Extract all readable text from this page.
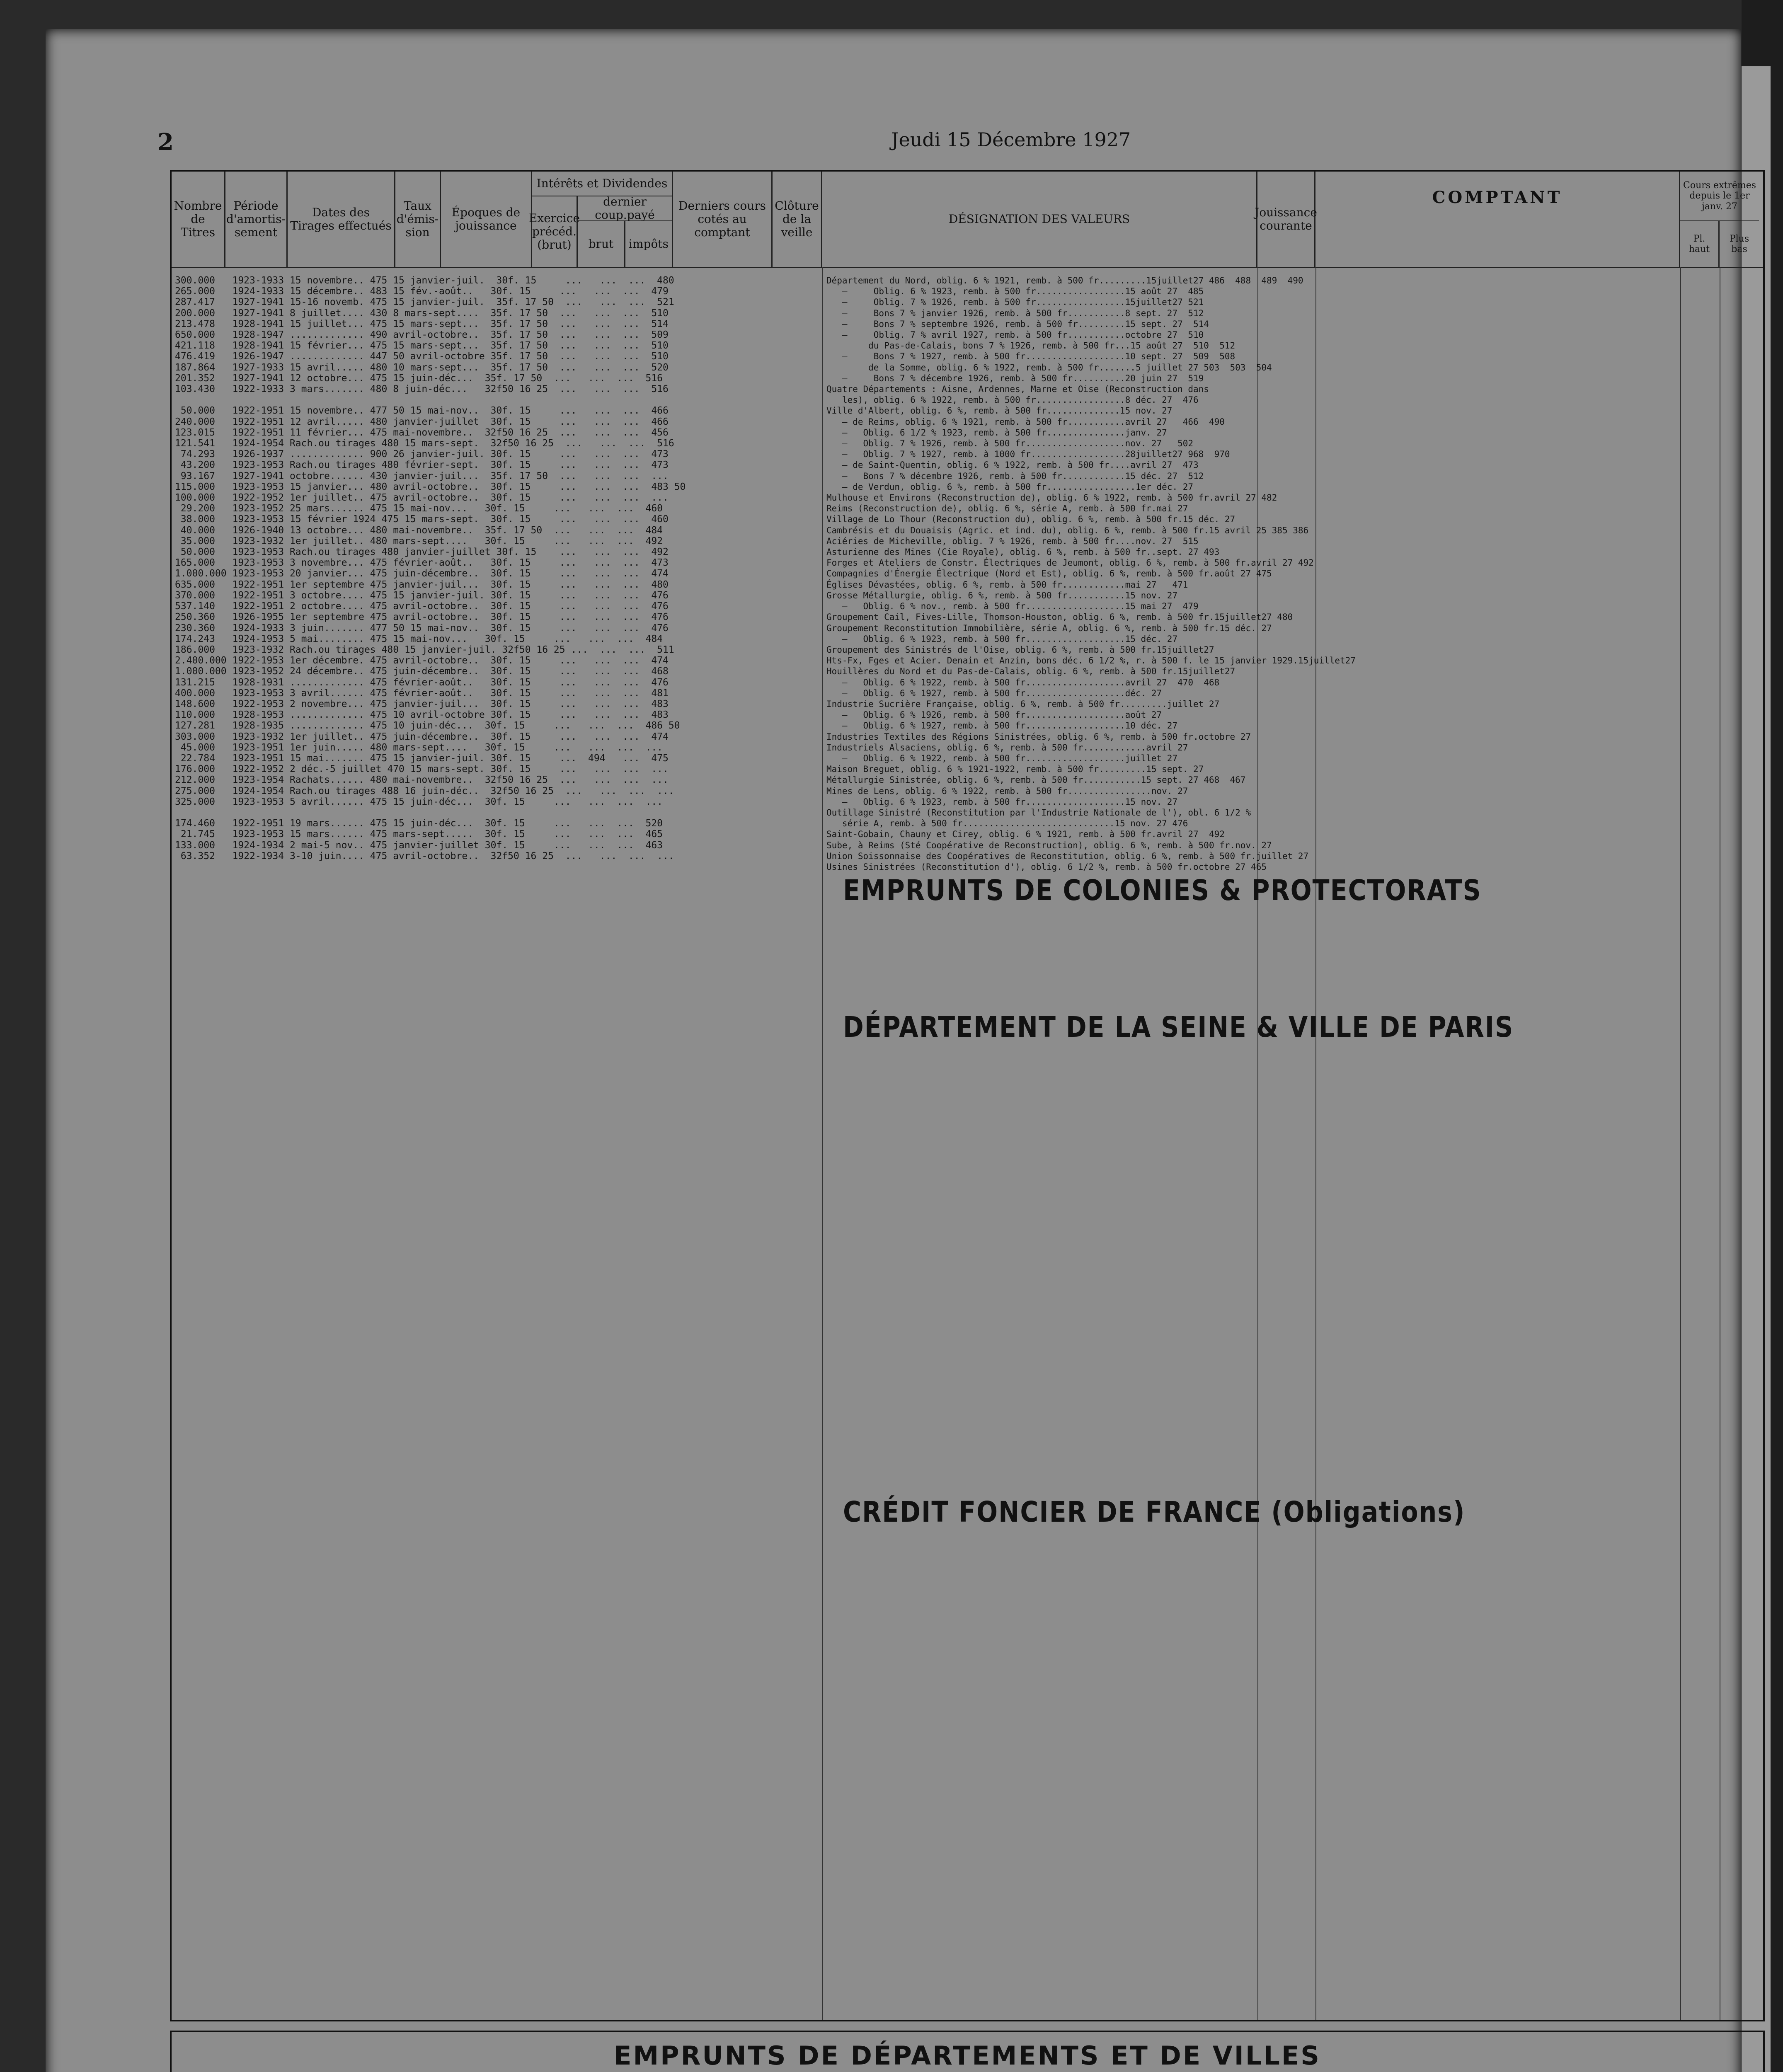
2	Jeudi 15 Décembre 1927
Nombre de Titres
Période d'amortis-sement
Dates des Tirages effectués
Taux d'émis-sion
Époques de jouissance
Intérêts et Dividendes
Exercice précéd. (brut)
dernier coup.payé
brut	impôts
Derniers cours cotés au comptant
Clôture de la veille
DÉSIGNATION DES VALEURS	Jouissance courante
COMPTANT
Cours extrêmes depuis le 1er janv. 27
Pl. haut
Plus bas
300.000   1923-1933 15 novembre.. 475 15 janvier-juil.  30f. 15     ...   ...  ...  480
265.000   1924-1933 15 décembre.. 483 15 fév.-août..   30f. 15     ...   ...  ...  479
287.417   1927-1941 15-16 novemb. 475 15 janvier-juil.  35f. 17 50  ...   ...  ...  521
200.000   1927-1941 8 juillet.... 430 8 mars-sept....  35f. 17 50  ...   ...  ...  510
213.478   1928-1941 15 juillet... 475 15 mars-sept...  35f. 17 50  ...   ...  ...  514
650.000   1928-1947 ............. 490 avril-octobre..  35f. 17 50  ...   ...  ...  509
421.118   1928-1941 15 février... 475 15 mars-sept...  35f. 17 50  ...   ...  ...  510
476.419   1926-1947 ............. 447 50 avril-octobre 35f. 17 50  ...   ...  ...  510
187.864   1927-1933 15 avril..... 480 10 mars-sept...  35f. 17 50  ...   ...  ...  520
201.352   1927-1941 12 octobre... 475 15 juin-déc...  35f. 17 50  ...   ...  ...  516
103.430   1922-1933 3 mars....... 480 8 juin-déc...   32f50 16 25  ...   ...  ...  516

50.000   1922-1951 15 novembre.. 477 50 15 mai-nov..  30f. 15     ...   ...  ...  466
240.000   1922-1951 12 avril..... 480 janvier-juillet  30f. 15     ...   ...  ...  466
123.015   1922-1951 11 février... 475 mai-novembre..  32f50 16 25  ...   ...  ...  456
121.541   1924-1954 Rach.ou tirages 480 15 mars-sept.  32f50 16 25  ...   ...  ...  516
74.293   1926-1937 ............. 900 26 janvier-juil. 30f. 15     ...   ...  ...  473
43.200   1923-1953 Rach.ou tirages 480 février-sept.  30f. 15     ...   ...  ...  473
93.167   1927-1941 octobre...... 430 janvier-juil...  35f. 17 50  ...   ...  ...  ...
115.000   1923-1953 15 janvier... 480 avril-octobre..  30f. 15     ...   ...  ...  483 50
100.000   1922-1952 1er juillet.. 475 avril-octobre..  30f. 15     ...   ...  ...  ...
29.200   1923-1952 25 mars...... 475 15 mai-nov...   30f. 15     ...   ...  ...  460
38.000   1923-1953 15 février 1924 475 15 mars-sept.  30f. 15     ...   ...  ...  460
40.000   1926-1940 13 octobre... 480 mai-novembre..  35f. 17 50  ...   ...  ...  484
35.000   1923-1932 1er juillet.. 480 mars-sept....   30f. 15     ...   ...  ...  492
50.000   1923-1953 Rach.ou tirages 480 janvier-juillet 30f. 15    ...   ...  ...  492
165.000   1923-1953 3 novembre... 475 février-août..   30f. 15     ...   ...  ...  473
1.000.000 1923-1953 20 janvier... 475 juin-décembre..  30f. 15     ...   ...  ...  474
635.000   1922-1951 1er septembre 475 janvier-juil...  30f. 15     ...   ...  ...  480
370.000   1922-1951 3 octobre.... 475 15 janvier-juil. 30f. 15     ...   ...  ...  476
537.140   1922-1951 2 octobre.... 475 avril-octobre..  30f. 15     ...   ...  ...  476
250.360   1926-1955 1er septembre 475 avril-octobre..  30f. 15     ...   ...  ...  476
230.360   1924-1933 3 juin....... 477 50 15 mai-nov..  30f. 15     ...   ...  ...  476
174.243   1924-1953 5 mai........ 475 15 mai-nov...   30f. 15     ...   ...  ...  484
186.000   1923-1932 Rach.ou tirages 480 15 janvier-juil. 32f50 16 25 ...  ...  ...  511
2.400.000 1922-1953 1er décembre. 475 avril-octobre..  30f. 15     ...   ...  ...  474
1.000.000 1923-1952 24 décembre.. 475 juin-décembre..  30f. 15     ...   ...  ...  468
131.215   1928-1931 ............. 475 février-août..   30f. 15     ...   ...  ...  476
400.000   1923-1953 3 avril...... 475 février-août..   30f. 15     ...   ...  ...  481
148.600   1922-1953 2 novembre... 475 janvier-juil...  30f. 15     ...   ...  ...  483
110.000   1928-1953 ............. 475 10 avril-octobre 30f. 15     ...   ...  ...  483
127.281   1928-1935 ............. 475 10 juin-déc...  30f. 15     ...   ...  ...  486 50
303.000   1923-1932 1er juillet.. 475 juin-décembre..  30f. 15     ...   ...  ...  474
45.000   1923-1951 1er juin..... 480 mars-sept....   30f. 15     ...   ...  ...  ...
22.784   1923-1951 15 mai....... 475 15 janvier-juil. 30f. 15     ...  494   ...  475
176.000   1922-1952 2 déc.-5 juillet 470 15 mars-sept. 30f. 15     ...   ...  ...  ...
212.000   1923-1954 Rachats...... 480 mai-novembre..  32f50 16 25  ...   ...  ...  ...
275.000   1924-1954 Rach.ou tirages 488 16 juin-déc..  32f50 16 25  ...   ...  ...  ...
325.000   1923-1953 5 avril...... 475 15 juin-déc...  30f. 15     ...   ...  ...  ...

174.460   1922-1951 19 mars...... 475 15 juin-déc...  30f. 15     ...   ...  ...  520
21.745   1923-1953 15 mars...... 475 mars-sept.....  30f. 15     ...   ...  ...  465
133.000   1924-1934 2 mai-5 nov.. 475 janvier-juillet 30f. 15     ...   ...  ...  463
63.352   1922-1934 3-10 juin.... 475 avril-octobre..  32f50 16 25  ...   ...  ...  ...
Département du Nord, oblig. 6 % 1921, remb. à 500 fr.........15juillet27 486  488  489  490
—     Oblig. 6 % 1923, remb. à 500 fr.................15 août 27  485
—     Oblig. 7 % 1926, remb. à 500 fr.................15juillet27 521
—     Bons 7 % janvier 1926, remb. à 500 fr...........8 sept. 27  512
—     Bons 7 % septembre 1926, remb. à 500 fr.........15 sept. 27  514
—     Oblig. 7 % avril 1927, remb. à 500 fr...........octobre 27  510
du Pas-de-Calais, bons 7 % 1926, remb. à 500 fr...15 août 27  510  512
—     Bons 7 % 1927, remb. à 500 fr...................10 sept. 27  509  508
de la Somme, oblig. 6 % 1922, remb. à 500 fr.......5 juillet 27 503  503  504
—     Bons 7 % décembre 1926, remb. à 500 fr..........20 juin 27  519
Quatre Départements : Aisne, Ardennes, Marne et Oise (Reconstruction dans
les), oblig. 6 % 1922, remb. à 500 fr.................8 déc. 27  476
Ville d'Albert, oblig. 6 %, remb. à 500 fr..............15 nov. 27
— de Reims, oblig. 6 % 1921, remb. à 500 fr...........avril 27   466  490
—   Oblig. 6 1/2 % 1923, remb. à 500 fr...............janv. 27
—   Oblig. 7 % 1926, remb. à 500 fr...................nov. 27   502
—   Oblig. 7 % 1927, remb. à 1000 fr..................28juillet27 968  970
— de Saint-Quentin, oblig. 6 % 1922, remb. à 500 fr....avril 27  473
—   Bons 7 % décembre 1926, remb. à 500 fr............15 déc. 27  512
— de Verdun, oblig. 6 %, remb. à 500 fr.................1er déc. 27
Mulhouse et Environs (Reconstruction de), oblig. 6 % 1922, remb. à 500 fr.avril 27 482
Reims (Reconstruction de), oblig. 6 %, série A, remb. à 500 fr.mai 27
Village de Lo Thour (Reconstruction du), oblig. 6 %, remb. à 500 fr.15 déc. 27
Cambrésis et du Douaisis (Agric. et ind. du), oblig. 6 %, remb. à 500 fr.15 avril 25 385 386
Aciéries de Micheville, oblig. 7 % 1926, remb. à 500 fr....nov. 27  515
Asturienne des Mines (Cie Royale), oblig. 6 %, remb. à 500 fr..sept. 27 493
Forges et Ateliers de Constr. Électriques de Jeumont, oblig. 6 %, remb. à 500 fr.avril 27 492
Compagnies d'Énergie Électrique (Nord et Est), oblig. 6 %, remb. à 500 fr.août 27 475
Églises Dévastées, oblig. 6 %, remb. à 500 fr............mai 27   471
Grosse Métallurgie, oblig. 6 %, remb. à 500 fr...........15 nov. 27
—   Oblig. 6 % nov., remb. à 500 fr...................15 mai 27  479
Groupement Cail, Fives-Lille, Thomson-Houston, oblig. 6 %, remb. à 500 fr.15juillet27 480
Groupement Reconstitution Immobilière, série A, oblig. 6 %, remb. à 500 fr.15 déc. 27
—   Oblig. 6 % 1923, remb. à 500 fr...................15 déc. 27
Groupement des Sinistrés de l'Oise, oblig. 6 %, remb. à 500 fr.15juillet27
Hts-Fx, Fges et Acier. Denain et Anzin, bons déc. 6 1/2 %, r. à 500 f. le 15 janvier 1929.15juillet27
Houillères du Nord et du Pas-de-Calais, oblig. 6 %, remb. à 500 fr.15juillet27
—   Oblig. 6 % 1922, remb. à 500 fr...................avril 27  470  468
—   Oblig. 6 % 1927, remb. à 500 fr...................déc. 27
Industrie Sucrière Française, oblig. 6 %, remb. à 500 fr.........juillet 27
—   Oblig. 6 % 1926, remb. à 500 fr...................août 27
—   Oblig. 6 % 1927, remb. à 500 fr...................10 déc. 27
Industries Textiles des Régions Sinistrées, oblig. 6 %, remb. à 500 fr.octobre 27
Industriels Alsaciens, oblig. 6 %, remb. à 500 fr............avril 27
—   Oblig. 6 % 1922, remb. à 500 fr...................juillet 27
Maison Breguet, oblig. 6 % 1921-1922, remb. à 500 fr.........15 sept. 27
Métallurgie Sinistrée, oblig. 6 %, remb. à 500 fr...........15 sept. 27 468  467
Mines de Lens, oblig. 6 % 1922, remb. à 500 fr................nov. 27
—   Oblig. 6 % 1923, remb. à 500 fr...................15 nov. 27
Outillage Sinistré (Reconstitution par l'Industrie Nationale de l'), obl. 6 1/2 %
série A, remb. à 500 fr.............................15 nov. 27 476
Saint-Gobain, Chauny et Cirey, oblig. 6 % 1921, remb. à 500 fr.avril 27  492
Sube, à Reims (Sté Coopérative de Reconstruction), oblig. 6 %, remb. à 500 fr.nov. 27
Union Soissonnaise des Coopératives de Reconstitution, oblig. 6 %, remb. à 500 fr.juillet 27
Usines Sinistrées (Reconstitution d'), oblig. 6 1/2 %, remb. à 500 fr.octobre 27 465
EMPRUNTS DE COLONIES & PROTECTORATS
DÉPARTEMENT DE LA SEINE & VILLE DE PARIS
CRÉDIT FONCIER DE FRANCE (Obligations)
EMPRUNTS DE DÉPARTEMENTS ET DE VILLES
